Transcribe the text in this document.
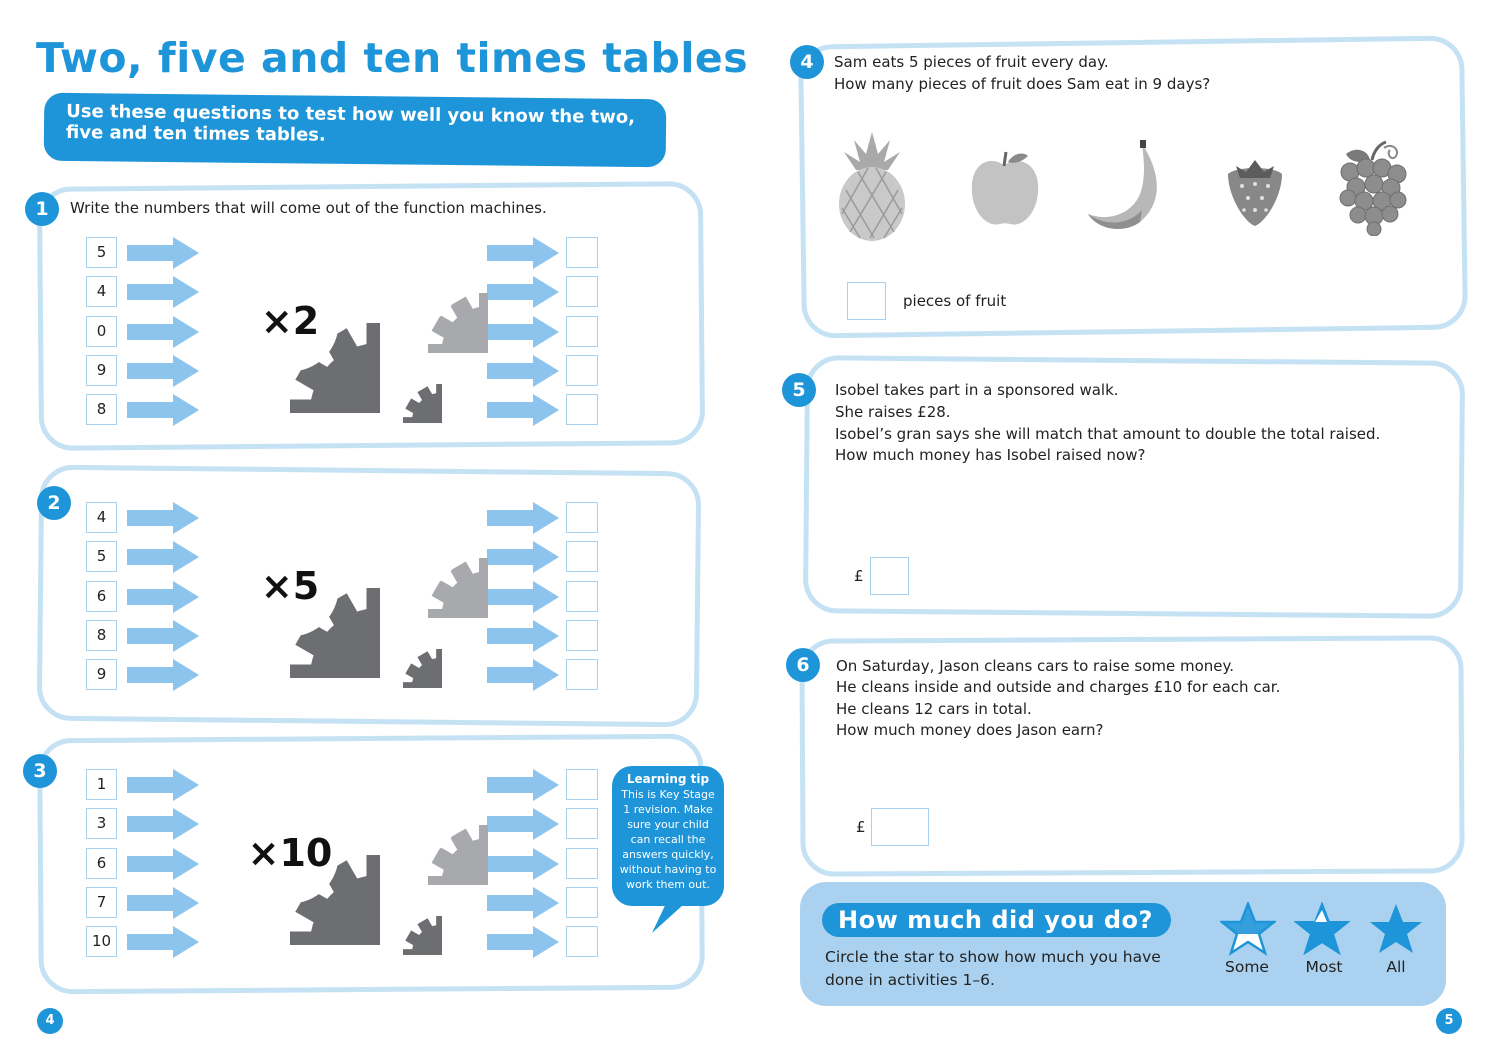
Two, five and ten times tables
Use these questions to test how well you know the two, five and ten times tables.
1	Write the numbers that will come out of the function machines.
2
3
5
4
0
9
8
×2
4
5
6
8
9
×5
1
3
6
7
10
×10
Learning tip
This is Key Stage
1 revision. Make
sure your child
can recall the
answers quickly,
without having to
work them out.
4
4	Sam eats 5 pieces of fruit every day.
How many pieces of fruit does Sam eat in 9 days?
pieces of fruit
5	Isobel takes part in a sponsored walk.
She raises £28.
Isobel’s gran says she will match that amount to double the total raised.
How much money has Isobel raised now?
£
6	On Saturday, Jason cleans cars to raise some money.
He cleans inside and outside and charges £10 for each car.
He cleans 12 cars in total.
How much money does Jason earn?
£
How much did you do?
Circle the star to show how much you have done in activities 1–6.
Some	Most	All
5
